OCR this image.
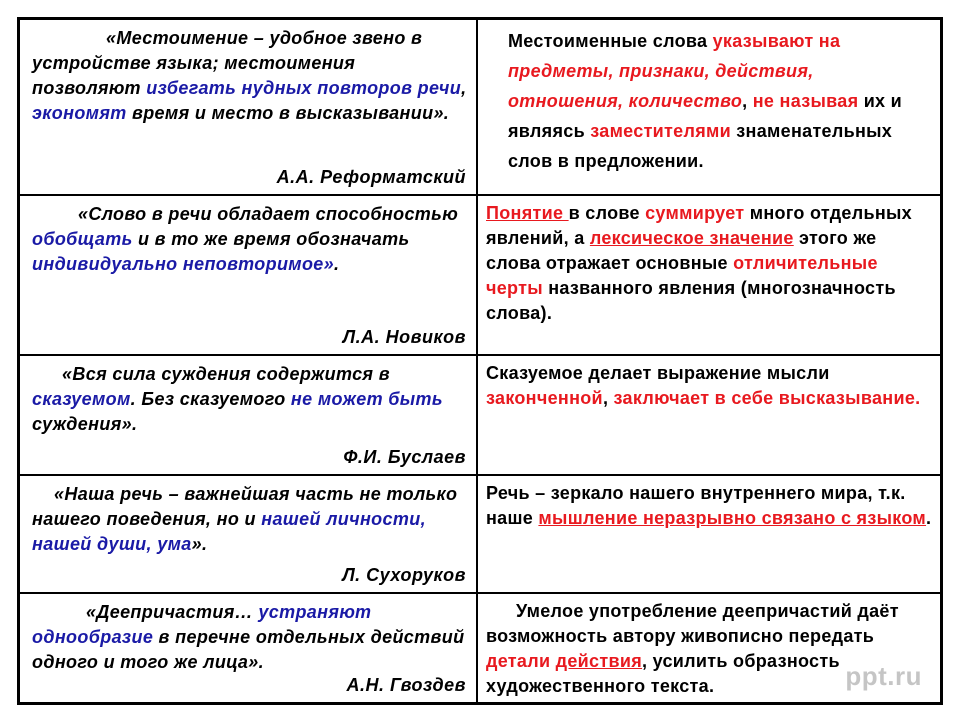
«Местоимение – удобное звено в устройстве языка; местоимения позволяют избегать нудных повторов речи, экономят время и место в высказывании».
А.А. Реформатский
Местоименные слова указывают на предметы, признаки, действия, отношения, количество, не называя их и являясь заместителями знаменательных слов в предложении.
«Слово в речи обладает способностью обобщать и в то же время обозначать индивидуально неповторимое».
Л.А. Новиков
Понятие в слове суммирует много отдельных явлений, а лексическое значение этого же слова отражает основные отличительные черты названного явления (многозначность слова).
«Вся сила суждения содержится в сказуемом. Без сказуемого не может быть суждения».
Ф.И. Буслаев
Сказуемое делает выражение мысли законченной, заключает в себе высказывание.
«Наша речь – важнейшая часть не только нашего поведения, но и нашей личности, нашей души, ума».
Л. Сухоруков
Речь – зеркало нашего внутреннего мира, т.к. наше мышление неразрывно связано с языком.
«Деепричастия… устраняют однообразие в перечне отдельных действий одного и того же лица».
А.Н. Гвоздев
Умелое употребление деепричастий даёт возможность автору живописно передать детали действия, усилить образность художественного текста.	ppt.ru
